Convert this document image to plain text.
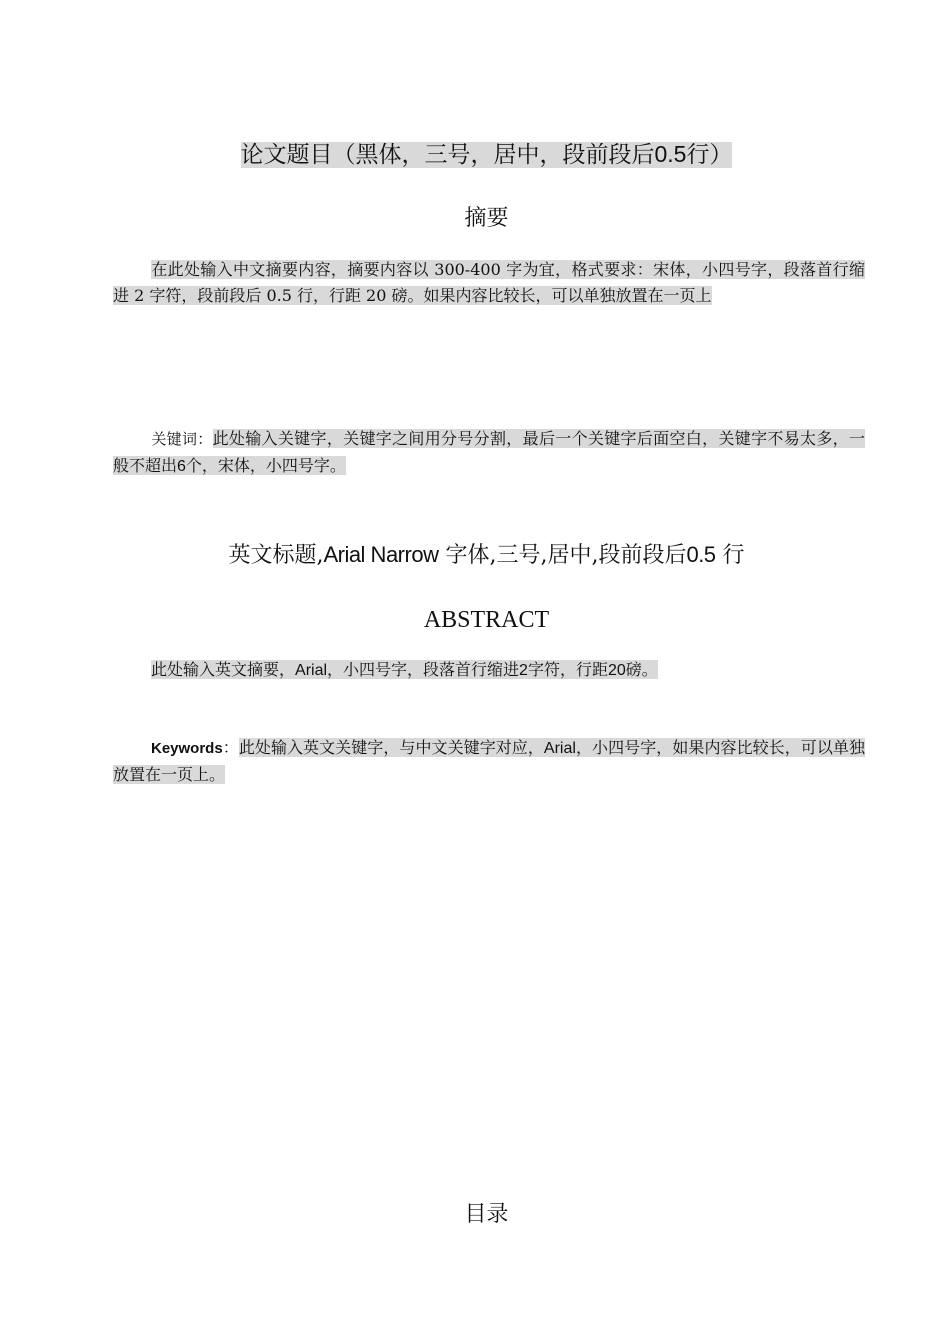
论文题目（黑体，三号，居中，段前段后0.5行）
摘要
在此处输入中文摘要内容，摘要内容以 300-400 字为宜，格式要求：宋体，小四号字，段落首行缩进 2 字符，段前段后 0.5 行，行距 20 磅。如果内容比较长，可以单独放置在一页上
关键词：此处输入关键字，关键字之间用分号分割，最后一个关键字后面空白，关键字不易太多，一般不超出6个，宋体，小四号字。
英文标题,Arial Narrow 字体,三号,居中,段前段后0.5 行
ABSTRACT
此处输入英文摘要，Arial，小四号字，段落首行缩进2字符，行距20磅。
Keywords：此处输入英文关键字，与中文关键字对应，Arial，小四号字，如果内容比较长，可以单独放置在一页上。
目录
